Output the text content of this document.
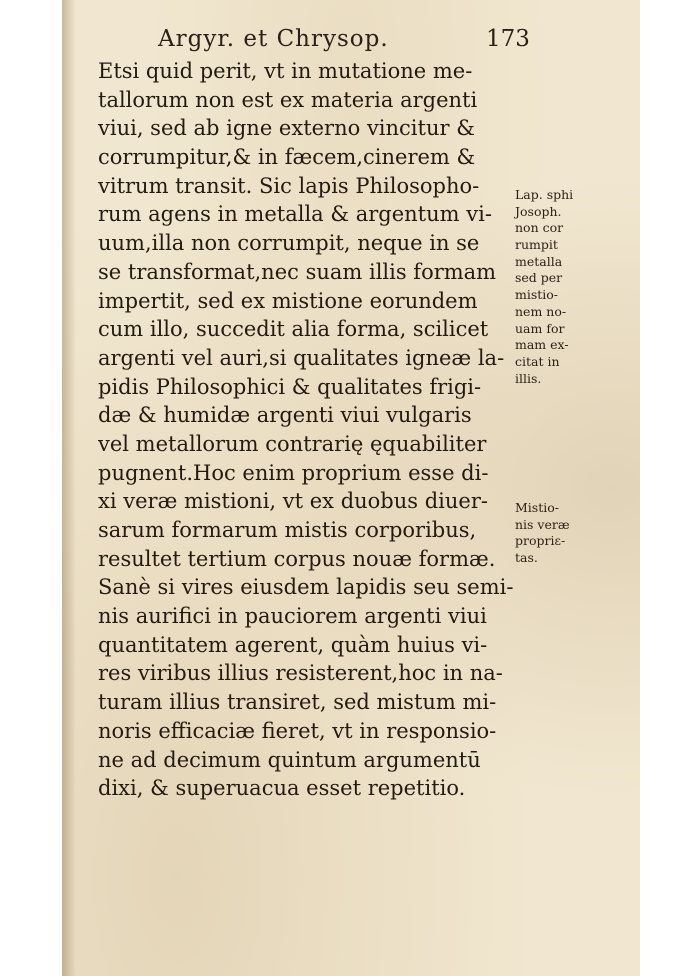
Argyr. et Chrysop.	173
Etsi quid perit, vt in mutatione me-
tallorum non est ex materia argenti
viui, sed ab igne externo vincitur &
corrumpitur,& in fæcem,cinerem &
vitrum transit. Sic lapis Philosopho-
rum agens in metalla & argentum vi-
uum,illa non corrumpit, neque in se
se transformat,nec suam illis formam
impertit, sed ex mistione eorundem
cum illo, succedit alia forma, scilicet
argenti vel auri,si qualitates igneæ la-
pidis Philosophici & qualitates frigi-
dæ & humidæ argenti viui vulgaris
vel metallorum contrarię ęquabiliter
pugnent.Hoc enim proprium esse di-
xi veræ mistioni, vt ex duobus diuer-
sarum formarum mistis corporibus,
resultet tertium corpus nouæ formæ.
Sanè si vires eiusdem lapidis seu semi-
nis aurifici in pauciorem argenti viui
quantitatem agerent, quàm huius vi-
res viribus illius resisterent,hoc in na-
turam illius transiret, sed mistum mi-
noris efficaciæ fieret, vt in responsio-
ne ad decimum quintum argumentū
dixi, & superuacua esset repetitio.
Lap. sphi
Josoph.
non cor
rumpit
metalla
sed per
mistio-
nem no-
uam for
mam ex-
citat in
illis.
Mistio-
nis veræ
propriε-
tas.
